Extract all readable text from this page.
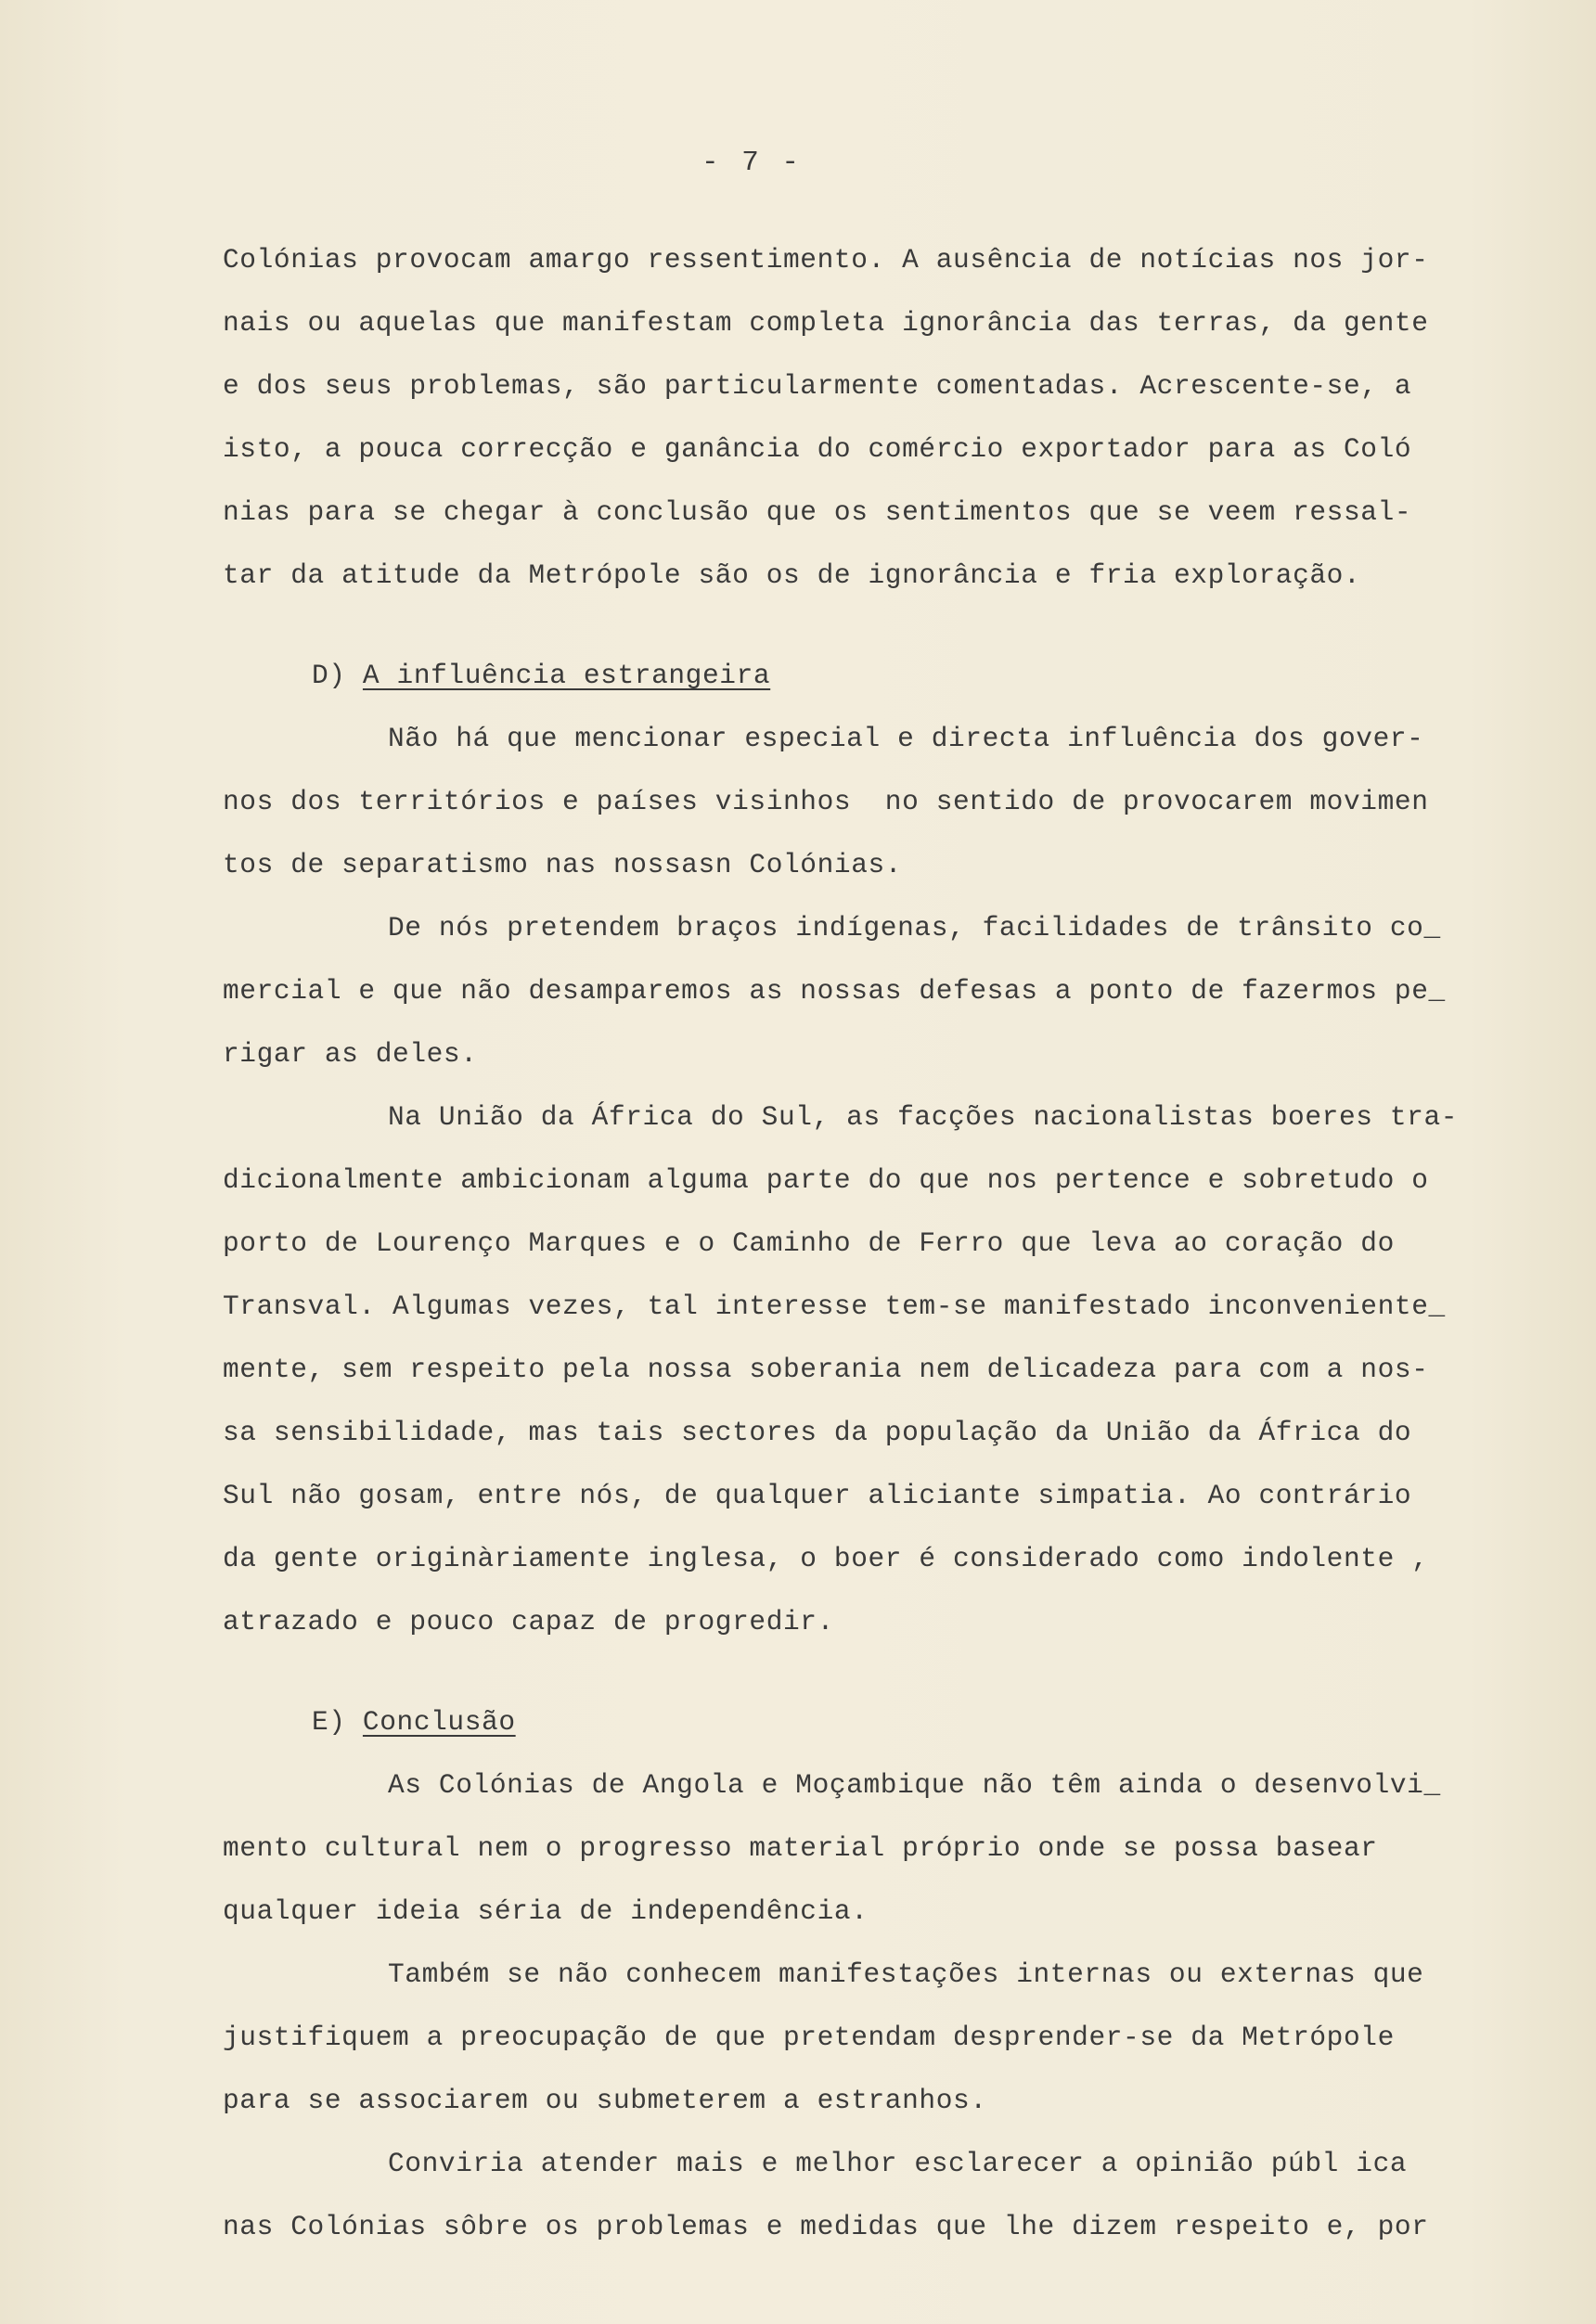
- 7 -
Colónias provocam amargo ressentimento. A ausência de notícias nos jor-
nais ou aquelas que manifestam completa ignorância das terras, da gente
e dos seus problemas, são particularmente comentadas. Acrescente-se, a
isto, a pouca correcção e ganância do comércio exportador para as Coló
nias para se chegar à conclusão que os sentimentos que se veem ressal-
tar da atitude da Metrópole são os de ignorância e fria exploração.
D) A influência estrangeira
Não há que mencionar especial e directa influência dos gover-
nos dos territórios e países visinhos  no sentido de provocarem movimen
tos de separatismo nas nossasn Colónias.
De nós pretendem braços indígenas, facilidades de trânsito co_
mercial e que não desamparemos as nossas defesas a ponto de fazermos pe_
rigar as deles.
Na União da África do Sul, as facções nacionalistas boeres tra-
dicionalmente ambicionam alguma parte do que nos pertence e sobretudo o
porto de Lourenço Marques e o Caminho de Ferro que leva ao coração do
Transval. Algumas vezes, tal interesse tem-se manifestado inconveniente_
mente, sem respeito pela nossa soberania nem delicadeza para com a nos-
sa sensibilidade, mas tais sectores da população da União da África do
Sul não gosam, entre nós, de qualquer aliciante simpatia. Ao contrário
da gente originàriamente inglesa, o boer é considerado como indolente ,
atrazado e pouco capaz de progredir.
E) Conclusão
As Colónias de Angola e Moçambique não têm ainda o desenvolvi_
mento cultural nem o progresso material próprio onde se possa basear
qualquer ideia séria de independência.
Também se não conhecem manifestações internas ou externas que
justifiquem a preocupação de que pretendam desprender-se da Metrópole
para se associarem ou submeterem a estranhos.
Conviria atender mais e melhor esclarecer a opinião públ ica
nas Colónias sôbre os problemas e medidas que lhe dizem respeito e, por
